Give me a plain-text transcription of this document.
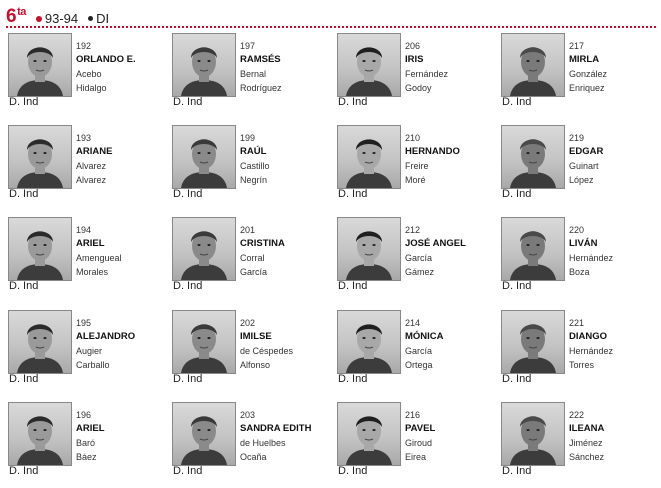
$6^{ta}$ 93-94 DI
192
ORLANDO E.
Acebo
Hidalgo
D. Ind
197
RAMSÉS
Bernal
Rodríguez
D. Ind
206
IRIS
Fernández
Godoy
D. Ind
217
MIRLA
González
Enriquez
D. Ind
193
ARIANE
Alvarez
Alvarez
D. Ind
199
RAÚL
Castillo
Negrín
D. Ind
210
HERNANDO
Freire
Moré
D. Ind
219
EDGAR
Guinart
López
D. Ind
194
ARIEL
Amengueal
Morales
D. Ind
201
CRISTINA
Corral
García
D. Ind
212
JOSÉ ANGEL
García
Gámez
D. Ind
220
LIVÁN
Hernández
Boza
D. Ind
195
ALEJANDRO
Augier
Carballo
D. Ind
202
IMILSE
de Céspedes
Alfonso
D. Ind
214
MÓNICA
García
Ortega
D. Ind
221
DIANGO
Hernández
Torres
D. Ind
196
ARIEL
Baró
Báez
D. Ind
203
SANDRA EDITH
de Huelbes
Ocaña
D. Ind
216
PAVEL
Giroud
Eirea
D. Ind
222
ILEANA
Jiménez
Sánchez
D. Ind
